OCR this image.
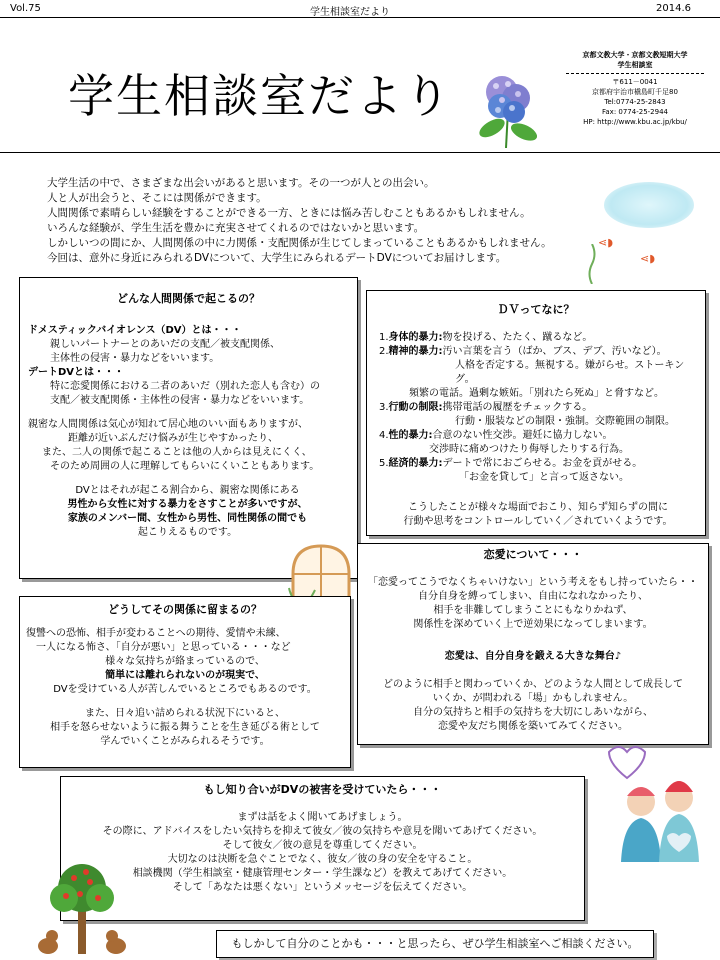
Vol.75	学生相談室だより	2014.6
学生相談室だより
京都文教大学・京都文教短期大学
学生相談室
〒611－0041
京都府宇治市槇島町千足80
Tel:0774-25-2843
Fax: 0774-25-2944
HP: http://www.kbu.ac.jp/kbu/
大学生活の中で、さまざまな出会いがあると思います。その一つが人との出会い。
人と人が出会うと、そこには関係ができます。
人間関係で素晴らしい経験をすることができる一方、ときには悩み苦しむこともあるかもしれません。
いろんな経験が、学生生活を豊かに充実させてくれるのではないかと思います。
しかしいつの間にか、人間関係の中に力関係・支配関係が生じてしまっていることもあるかもしれません。
今回は、意外に身近にみられるDVについて、大学生にみられるデートDVについてお届けします。
⋖◗
⋖◗
どんな人間関係で起こるの？

ドメスティックバイオレンス（DV）とは・・・

親しいパートナーとのあいだの支配／被支配関係、

主体性の侵害・暴力などをいいます。

デートDVとは・・・

特に恋愛関係における二者のあいだ（別れた恋人も含む）の

支配／被支配関係・主体性の侵害・暴力などをいいます。

親密な人間関係は気心が知れて居心地のいい面もありますが、

距離が近いぶんだけ悩みが生じやすかったり、

また、二人の関係で起こることは他の人からは見えにくく、

そのため周囲の人に理解してもらいにくいこともあります。

DVとはそれが起こる割合から、親密な関係にある

男性から女性に対する暴力をさすことが多いですが、

家族のメンバー間、女性から男性、同性関係の間でも

起こりえるものです。

ＤＶってなに？

1.身体的暴力:物を投げる、たたく、蹴るなど。

2.精神的暴力:汚い言葉を言う（ばか、ブス、デブ、汚いなど）。

人格を否定する。無視する。嫌がらせ。ストーキング。

頻繁の電話。過剰な嫉妬。「別れたら死ぬ」と脅すなど。

3.行動の制限:携帯電話の履歴をチェックする。

行動・服装などの制限・強制。交際範囲の制限。

4.性的暴力:合意のない性交渉。避妊に協力しない。

交渉時に痛めつけたり侮辱したりする行為。

5.経済的暴力:デートで常におごらせる。お金を貢がせる。

「お金を貸して」と言って返さない。

こうしたことが様々な場面でおこり、知らず知らずの間に

行動や思考をコントロールしていく／されていくようです。

どうしてその関係に留まるの？

復讐への恐怖、相手が変わることへの期待、愛情や未練、

一人になる怖さ、「自分が悪い」と思っている・・・など

様々な気持ちが絡まっているので、

簡単には離れられないのが現実で、

DVを受けている人が苦しんでいるところでもあるのです。

また、日々追い詰められる状況下にいると、

相手を怒らせないように振る舞うことを生き延びる術として

学んでいくことがみられるそうです。

恋愛について・・・

「恋愛ってこうでなくちゃいけない」という考えをもし持っていたら・・

自分自身を縛ってしまい、自由になれなかったり、

相手を非難してしまうことにもなりかねず、

関係性を深めていく上で逆効果になってしまいます。

恋愛は、自分自身を鍛える大きな舞台♪

どのように相手と関わっていくか、どのような人間として成長して

いくか、が問われる「場」かもしれません。

自分の気持ちと相手の気持ちを大切にしあいながら、

恋愛や友だち関係を築いてみてください。

もし知り合いがDVの被害を受けていたら・・・

まずは話をよく聞いてあげましょう。

その際に、アドバイスをしたい気持ちを抑えて彼女／彼の気持ちや意見を聞いてあげてください。

そして彼女／彼の意見を尊重してください。

大切なのは決断を急ぐことでなく、彼女／彼の身の安全を守ること。

相談機関（学生相談室・健康管理センター・学生課など）を教えてあげてください。

そして「あなたは悪くない」というメッセージを伝えてください。

もしかして自分のことかも・・・と思ったら、ぜひ学生相談室へご相談ください。
